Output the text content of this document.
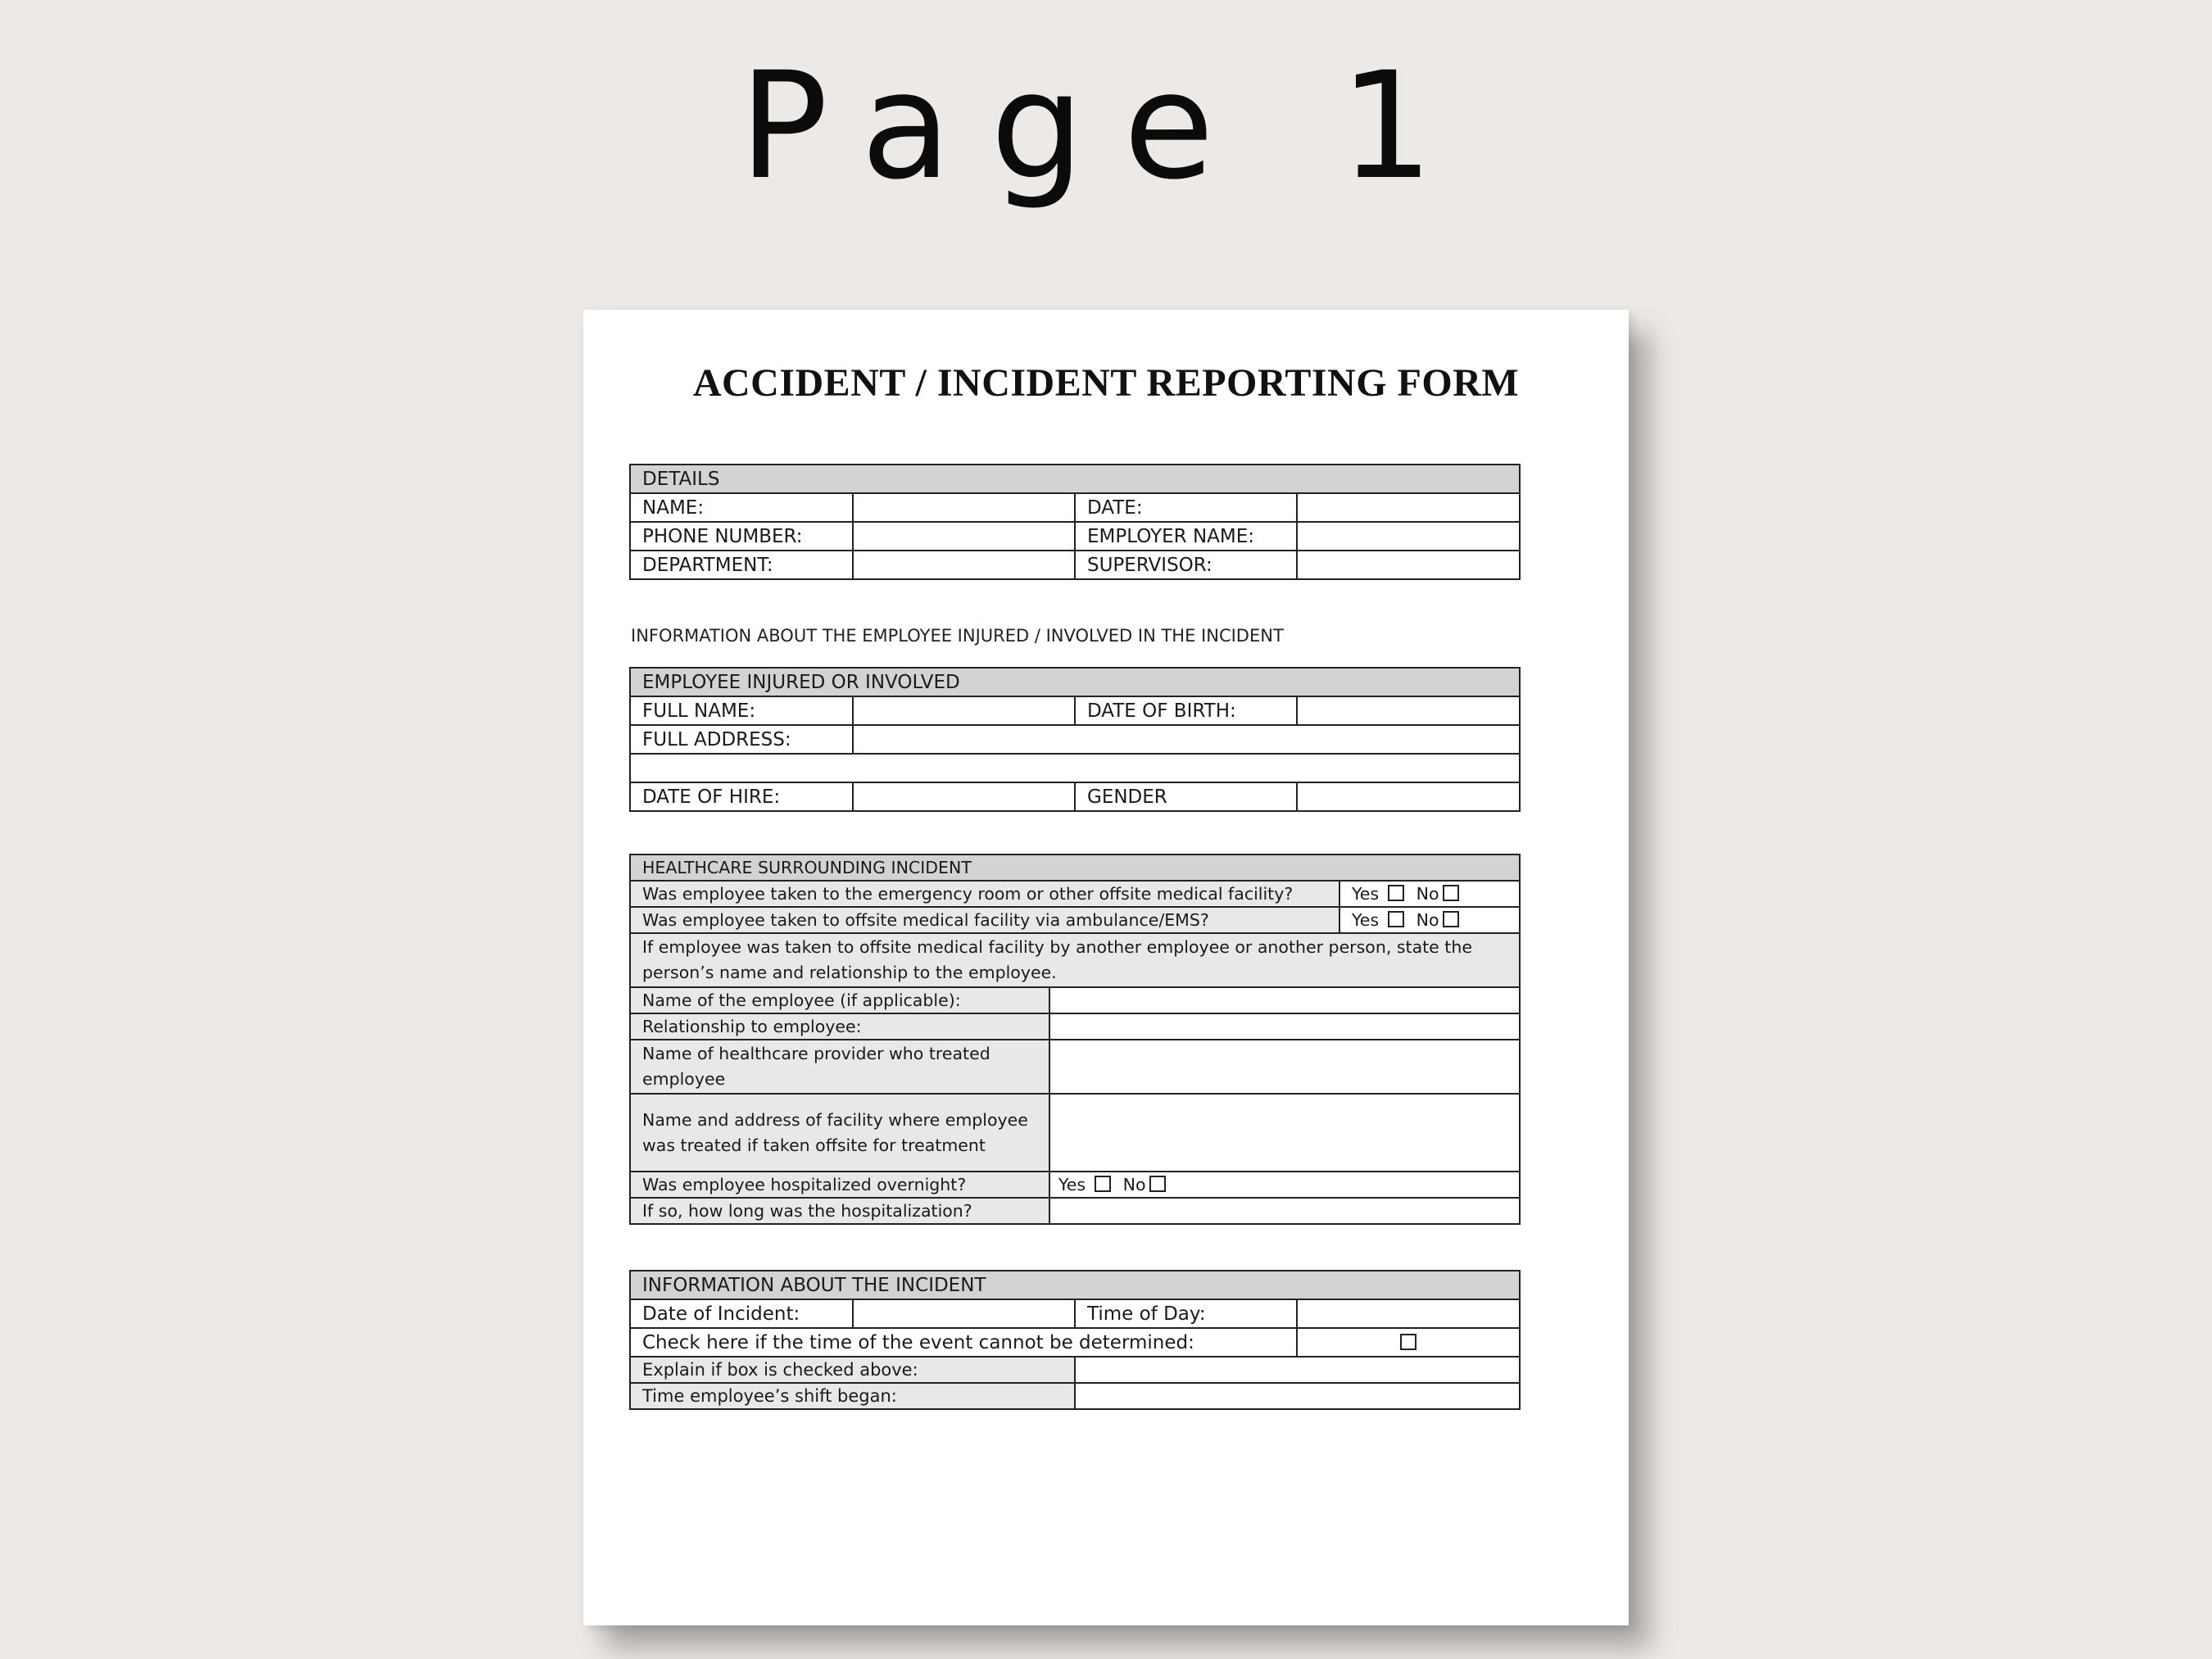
Page 1
ACCIDENT / INCIDENT REPORTING FORM
DETAILS			
NAME:		DATE:	
PHONE NUMBER:		EMPLOYER NAME:	
DEPARTMENT:		SUPERVISOR:	
INFORMATION ABOUT THE EMPLOYEE INJURED / INVOLVED IN THE INCIDENT
EMPLOYEE INJURED OR INVOLVED			
FULL NAME:		DATE OF BIRTH:	
FULL ADDRESS:			

DATE OF HIRE:		GENDER	
HEALTHCARE SURROUNDING INCIDENT		
Was employee taken to the emergency room or other offsite medical facility?		Yes No
Was employee taken to offsite medical facility via ambulance/EMS?		Yes No
If employee was taken to offsite medical facility by another employee or another person, state the person’s name and relationship to the employee.		
Name of the employee (if applicable):		
Relationship to employee:		
Name of healthcare provider who treated employee		
Name and address of facility where employee was treated if taken offsite for treatment		
Was employee hospitalized overnight?	Yes No	
If so, how long was the hospitalization?		
INFORMATION ABOUT THE INCIDENT			
Date of Incident:		Time of Day:	
Check here if the time of the event cannot be determined:			
Explain if box is checked above:			
Time employee’s shift began:			
